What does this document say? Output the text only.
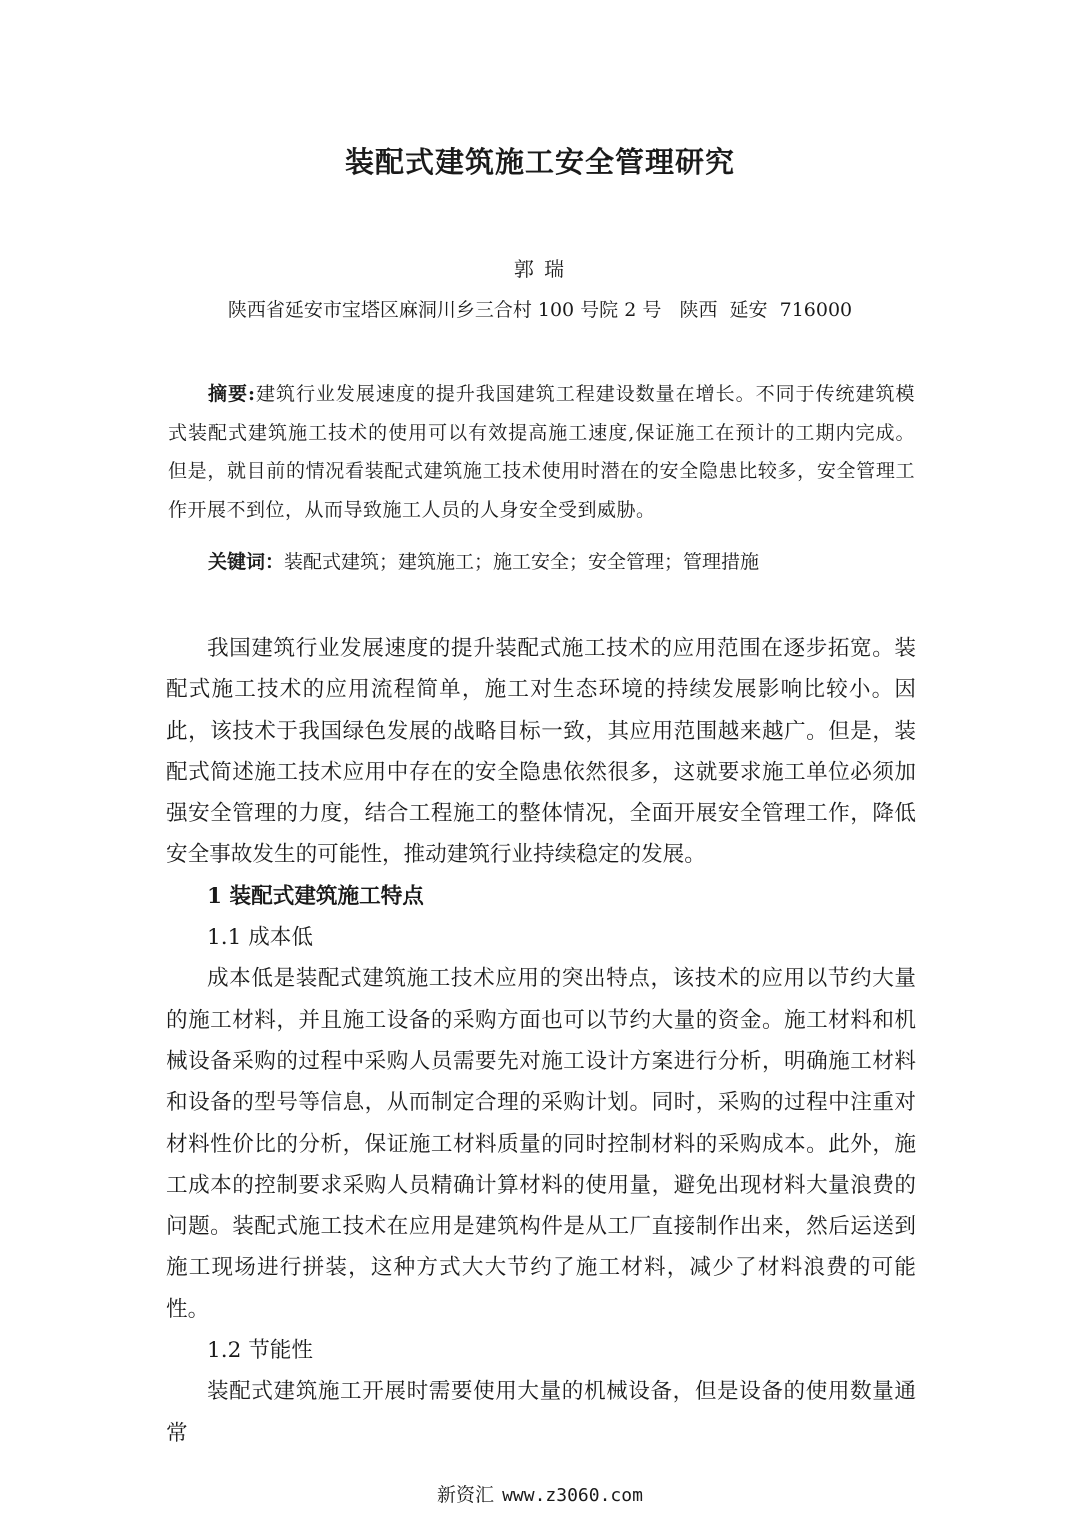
装配式建筑施工安全管理研究
郭 瑞
陕西省延安市宝塔区麻洞川乡三合村 100 号院 2 号   陕西  延安  716000
摘要:建筑行业发展速度的提升我国建筑工程建设数量在增长。不同于传统建筑模式装配式建筑施工技术的使用可以有效提高施工速度,保证施工在预计的工期内完成。但是，就目前的情况看装配式建筑施工技术使用时潜在的安全隐患比较多，安全管理工作开展不到位，从而导致施工人员的人身安全受到威胁。
关键词：装配式建筑；建筑施工；施工安全；安全管理；管理措施

我国建筑行业发展速度的提升装配式施工技术的应用范围在逐步拓宽。装配式施工技术的应用流程简单，施工对生态环境的持续发展影响比较小。因此，该技术于我国绿色发展的战略目标一致，其应用范围越来越广。但是，装配式简述施工技术应用中存在的安全隐患依然很多，这就要求施工单位必须加强安全管理的力度，结合工程施工的整体情况，全面开展安全管理工作，降低安全事故发生的可能性，推动建筑行业持续稳定的发展。

1 装配式建筑施工特点

1.1 成本低

成本低是装配式建筑施工技术应用的突出特点，该技术的应用以节约大量的施工材料，并且施工设备的采购方面也可以节约大量的资金。施工材料和机械设备采购的过程中采购人员需要先对施工设计方案进行分析，明确施工材料和设备的型号等信息，从而制定合理的采购计划。同时，采购的过程中注重对材料性价比的分析，保证施工材料质量的同时控制材料的采购成本。此外，施工成本的控制要求采购人员精确计算材料的使用量，避免出现材料大量浪费的问题。装配式施工技术在应用是建筑构件是从工厂直接制作出来，然后运送到施工现场进行拼装，这种方式大大节约了施工材料，减少了材料浪费的可能性。

1.2 节能性

装配式建筑施工开展时需要使用大量的机械设备，但是设备的使用数量通常

新资汇 www.z3060.com
